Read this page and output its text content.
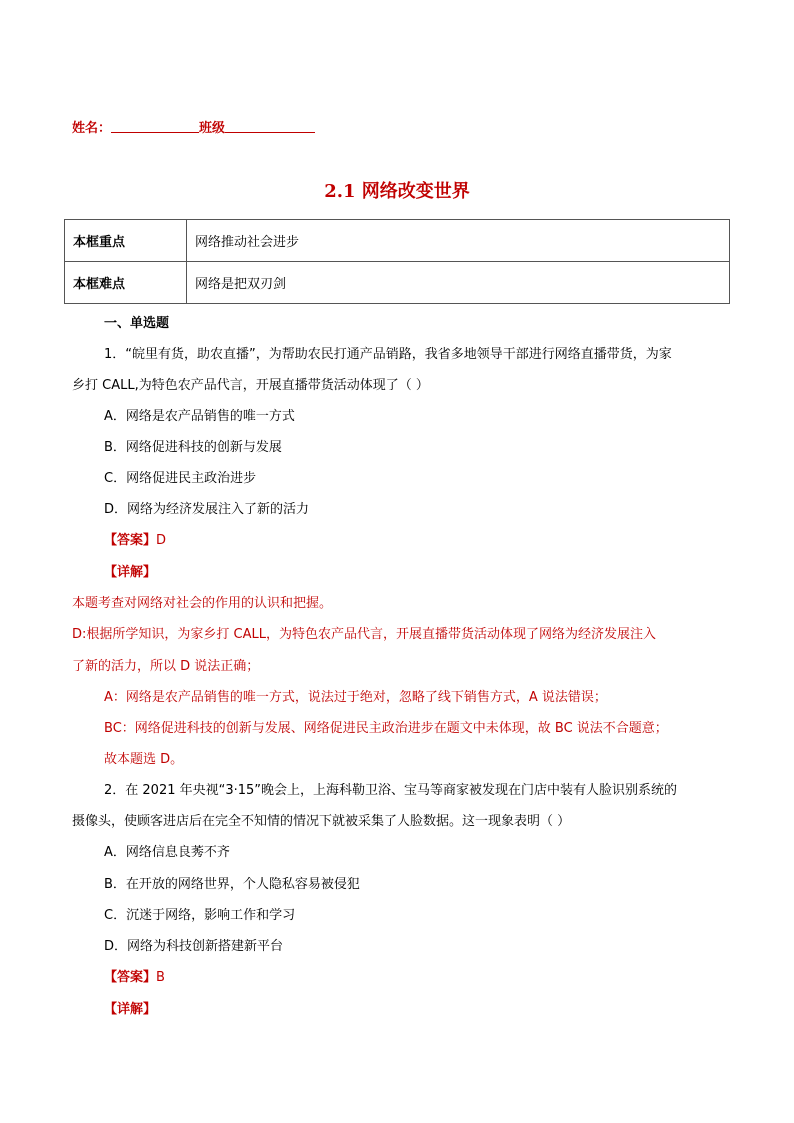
姓名：	班级
2.1 网络改变世界
本框重点	网络推动社会进步
本框难点	网络是把双刃剑
一、单选题
1．“皖里有货，助农直播”，为帮助农民打通产品销路，我省多地领导干部进行网络直播带货，为家
乡打 CALL,为特色农产品代言，开展直播带货活动体现了（ ）
A．网络是农产品销售的唯一方式
B．网络促进科技的创新与发展
C．网络促进民主政治进步
D．网络为经济发展注入了新的活力
【答案】D
【详解】
本题考查对网络对社会的作用的认识和把握。
D:根据所学知识，为家乡打 CALL，为特色农产品代言，开展直播带货活动体现了网络为经济发展注入
了新的活力，所以 D 说法正确；
A：网络是农产品销售的唯一方式，说法过于绝对，忽略了线下销售方式，A 说法错误；
BC：网络促进科技的创新与发展、网络促进民主政治进步在题文中未体现，故 BC 说法不合题意；
故本题选 D。
2．在 2021 年央视“3·15”晚会上，上海科勒卫浴、宝马等商家被发现在门店中装有人脸识别系统的
摄像头，使顾客进店后在完全不知情的情况下就被采集了人脸数据。这一现象表明（ ）
A．网络信息良莠不齐
B．在开放的网络世界，个人隐私容易被侵犯
C．沉迷于网络，影响工作和学习
D．网络为科技创新搭建新平台
【答案】B
【详解】
